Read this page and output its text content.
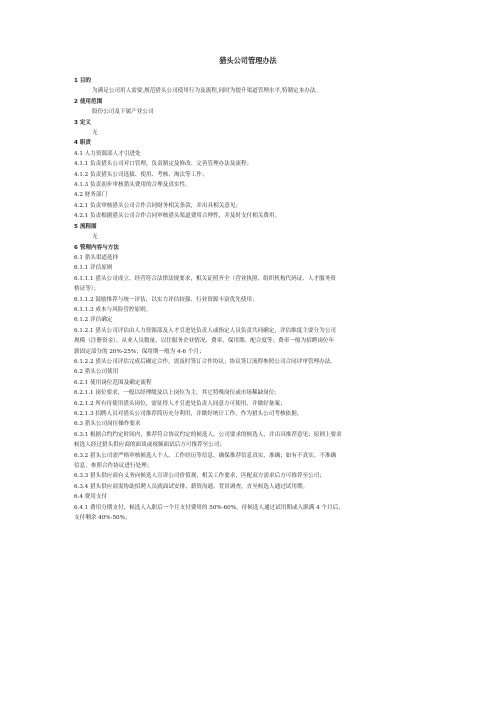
猎头公司管理办法
1 目的
为满足公司用人需要,规范猎头公司使用行为及流程,同时为提升渠道管理水平,特制定本办法。
2 使用范围
股份公司及下属产业公司
3 定义
无
4 职责
4.1 人力资源部人才引进处
4.1.1 负责猎头公司对口管理，负责制定及修改、完善管理办法及流程；
4.1.2 负责猎头公司选拔、使用、考核、淘汰等工作；
4.1.3 负责初步审核猎头费用的合理及真实性。
4.2 财务部门
4.2.1 负责审核猎头公司合作合同财务相关条款，并出具相关意见；
4.2.1 负责根据猎头公司合作合同审核猎头渠道费用合理性，并及时支付相关费用。
5 流程图
无
6 管理内容与方法
6.1 猎头渠道选择
6.1.1 评估原则
6.1.1.1 猎头公司成立、经营符合法律法规要求，相关证照齐全（营业执照、组织机构代码证、人才服务资
格证等）；
6.1.1.2 鼓励推荐与统一评估，以实力评估较强、行业资源丰富优先使用；
6.1.1.3 成本与风险管控原则。
6.1.2 评估确定
6.1.2.1 猎头公司评估由人力资源部及人才引进处负责人或指定人员负责共同确定，评估维度主要分为公司
规模（注册资金）、从业人员数量、以往服务企业情况、费率、保用期、配合度等；费率一般为招聘岗位年
薪固定部分的 20%-25%；保用期一般为 4-6 个月；
6.1.2.2 猎头公司评估完成后确定合作，需及时签订合作协议；协议签订流程参照公司合同评审管理办法。
6.2 猎头公司使用
6.2.1 使用岗位范围及确定流程
6.2.1.1 岗位要求，一般以经理级及以上岗位为主，其它特殊岗位或市场稀缺岗位；
6.2.1.2 所有待使用猎头岗位，需征得人才引进处负责人同意方可使用，并做好备案；
6.2.1.3 招聘人员对猎头公司推荐简历充分利用，并做好统计工作，作为猎头公司考核依据。
6.3 猎头公司岗位操作要求
6.3.1 根据合约约定时间内，推荐符合协议约定的候选人，公司要求的候选人，并出具推荐意见；原则上要求
候选人经过猎头供应商的面谈或视频面试后方可推荐至公司；
6.3.2 猎头公司需严格审核候选人个人、工作经历等信息，确保推荐信息真实、准确；如有不真实、不准确
信息，参照合作协议进行处理；
6.3.3 猎头供应商有义务向候选人宣讲公司价值观、相关工作要求，匹配双方需求后方可推荐至公司；
6.3.4 猎头供应商需协助招聘人员就面试安排、薪资沟通、背景调查，直至候选人通过试用期。
6.4 费用支付
6.4.1 费用分期支付，候选人入职后一个月支付费用的 50%-60%，待候选人通过试用期或入职满 4 个月后，
支付剩余 40%-50%；
